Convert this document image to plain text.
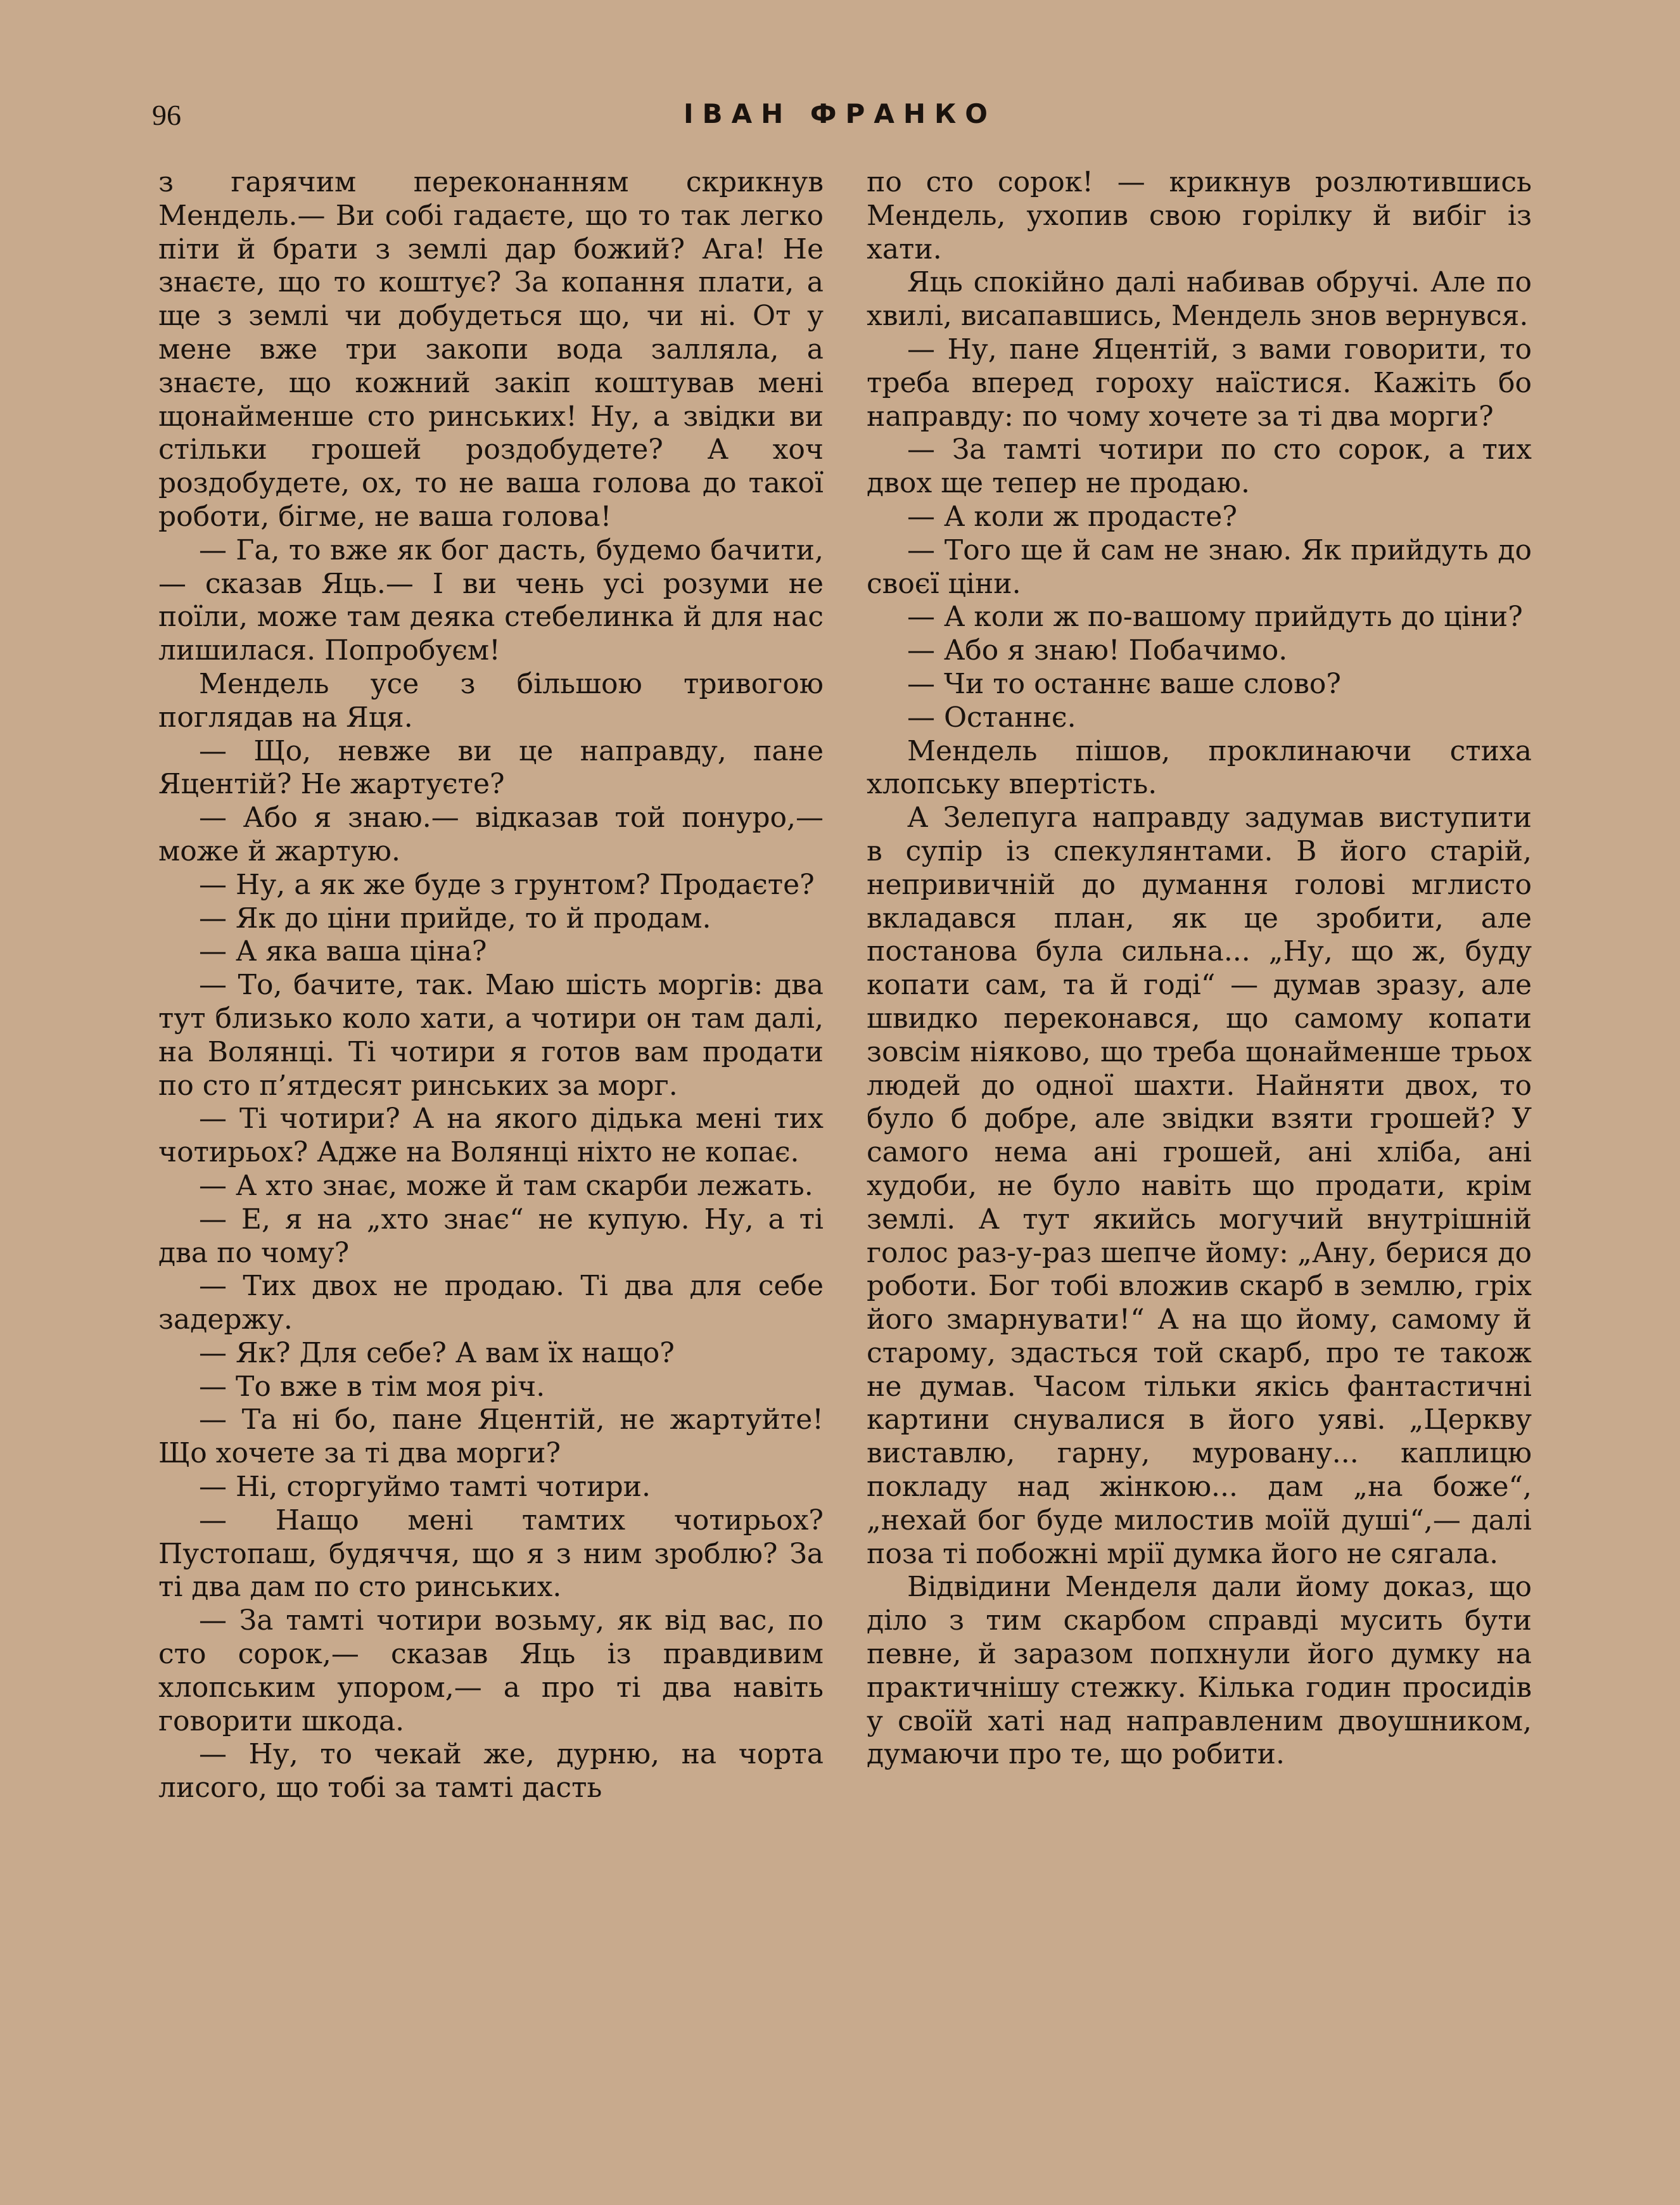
96	ІВАН ФРАНКО

з гарячим переконанням скрикнув Мендель.— Ви собі гадаєте, що то так легко піти й брати з землі дар божий? Ага! Не знаєте, що то коштує? За копання плати, а ще з землі чи добудеться що, чи ні. От у мене вже три закопи вода залляла, а знаєте, що кожний закіп коштував мені щонайменше сто ринських! Ну, а звідки ви стільки грошей роздобудете? А хоч роздобудете, ох, то не ваша голова до такої роботи, бігме, не ваша голова!

— Га, то вже як бог дасть, будемо бачити,— сказав Яць.— І ви чень усі розуми не поїли, може там деяка стебелинка й для нас лишилася. Попробуєм!

Мендель усе з більшою тривогою поглядав на Яця.

— Що, невже ви це направду, пане Яцентій? Не жартуєте?

— Або я знаю.— відказав той понуро,— може й жартую.

— Ну, а як же буде з грунтом? Продаєте?

— Як до ціни прийде, то й продам.

— А яка ваша ціна?

— То, бачите, так. Маю шість моргів: два тут близько коло хати, а чотири он там далі, на Волянці. Ті чотири я готов вам продати по сто п’ятдесят ринських за морг.

— Ті чотири? А на якого дідька мені тих чотирьох? Адже на Волянці ніхто не копає.

— А хто знає, може й там скарби лежать.

— Е, я на „хто знає“ не купую. Ну, а ті два по чому?

— Тих двох не продаю. Ті два для себе задержу.

— Як? Для себе? А вам їх нащо?

— То вже в тім моя річ.

— Та ні бо, пане Яцентій, не жартуйте! Що хочете за ті два морги?

— Ні, сторгуймо тамті чотири.

— Нащо мені тамтих чотирьох? Пустопаш, будяччя, що я з ним зроблю? За ті два дам по сто ринських.

— За тамті чотири возьму, як від вас, по сто сорок,— сказав Яць із правдивим хлопським упором,— а про ті два навіть говорити шкода.

— Ну, то чекай же, дурню, на чорта лисого, що тобі за тамті дасть

по сто сорок! — крикнув розлютившись Мендель, ухопив свою горілку й вибіг із хати.

Яць спокійно далі набивав обручі. Але по хвилі, висапавшись, Мендель знов вернувся.

— Ну, пане Яцентій, з вами говорити, то треба вперед гороху наїстися. Кажіть бо направду: по чому хочете за ті два морги?

— За тамті чотири по сто сорок, а тих двох ще тепер не продаю.

— А коли ж продасте?

— Того ще й сам не знаю. Як прийдуть до своєї ціни.

— А коли ж по-вашому прийдуть до ціни?

— Або я знаю! Побачимо.

— Чи то останнє ваше слово?

— Останнє.

Мендель пішов, проклинаючи стиха хлопську впертість.

А Зелепуга направду задумав виступити в супір із спекулянтами. В його старій, непривичній до думання голові мглисто вкладався план, як це зробити, але постанова була сильна... „Ну, що ж, буду копати сам, та й годі“ — думав зразу, але швидко переконався, що самому копати зовсім ніяково, що треба щонайменше трьох людей до одної шахти. Найняти двох, то було б добре, але звідки взяти грошей? У самого нема ані грошей, ані хліба, ані худоби, не було навіть що продати, крім землі. А тут якийсь могучий внутрішній голос раз-у-раз шепче йому: „Ану, берися до роботи. Бог тобі вложив скарб в землю, гріх його змарнувати!“ А на що йому, самому й старому, здасться той скарб, про те також не думав. Часом тільки якісь фантастичні картини снувалися в його уяві. „Церкву виставлю, гарну, муровану... каплицю покладу над жінкою... дам „на боже“, „нехай бог буде милостив моїй душі“,— далі поза ті побожні мрії думка його не сягала.

Відвідини Менделя дали йому доказ, що діло з тим скарбом справді мусить бути певне, й заразом попхнули його думку на практичнішу стежку. Кілька годин просидів у своїй хаті над направленим двоушником, думаючи про те, що робити.
